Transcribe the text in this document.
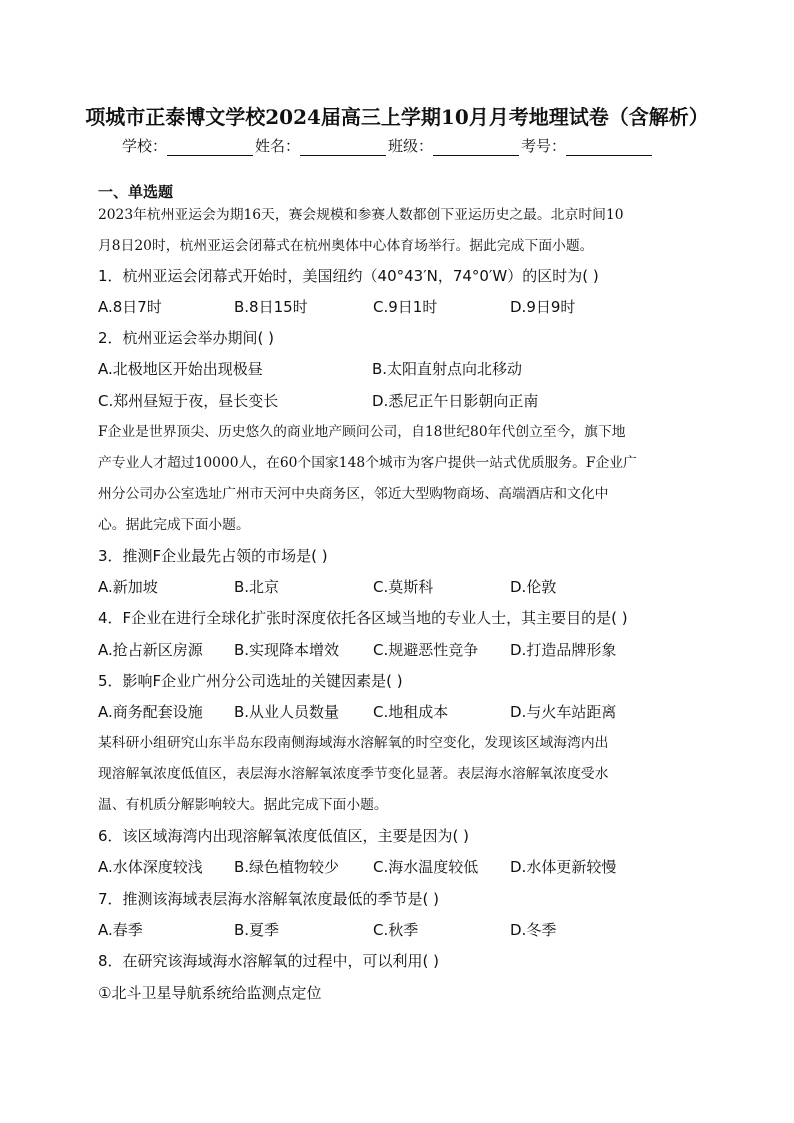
项城市正泰博文学校2024届高三上学期10月月考地理试卷（含解析）
学校：	姓名：	班级：	考号：
一、单选题
2023年杭州亚运会为期16天，赛会规模和参赛人数都创下亚运历史之最。北京时间10
月8日20时，杭州亚运会闭幕式在杭州奥体中心体育场举行。据此完成下面小题。
1．杭州亚运会闭幕式开始时，美国纽约（40°43′N，74°0′W）的区时为( )
A.8日7时	B.8日15时	C.9日1时	D.9日9时
2．杭州亚运会举办期间( )
A.北极地区开始出现极昼	B.太阳直射点向北移动
C.郑州昼短于夜，昼长变长	D.悉尼正午日影朝向正南
F企业是世界顶尖、历史悠久的商业地产顾问公司，自18世纪80年代创立至今，旗下地
产专业人才超过10000人，在60个国家148个城市为客户提供一站式优质服务。F企业广
州分公司办公室选址广州市天河中央商务区，邻近大型购物商场、高端酒店和文化中
心。据此完成下面小题。
3．推测F企业最先占领的市场是( )
A.新加坡	B.北京	C.莫斯科	D.伦敦
4．F企业在进行全球化扩张时深度依托各区域当地的专业人士，其主要目的是( )
A.抢占新区房源 B.实现降本增效 C.规避恶性竞争 D.打造品牌形象
5．影响F企业广州分公司选址的关键因素是( )
A.商务配套设施 B.从业人员数量 C.地租成本	D.与火车站距离
某科研小组研究山东半岛东段南侧海域海水溶解氧的时空变化，发现该区域海湾内出
现溶解氧浓度低值区，表层海水溶解氧浓度季节变化显著。表层海水溶解氧浓度受水
温、有机质分解影响较大。据此完成下面小题。
6．该区域海湾内出现溶解氧浓度低值区，主要是因为( )
A.水体深度较浅 B.绿色植物较少 C.海水温度较低 D.水体更新较慢
7．推测该海域表层海水溶解氧浓度最低的季节是( )
A.春季	B.夏季	C.秋季	D.冬季
8．在研究该海域海水溶解氧的过程中，可以利用( )
①北斗卫星导航系统给监测点定位
